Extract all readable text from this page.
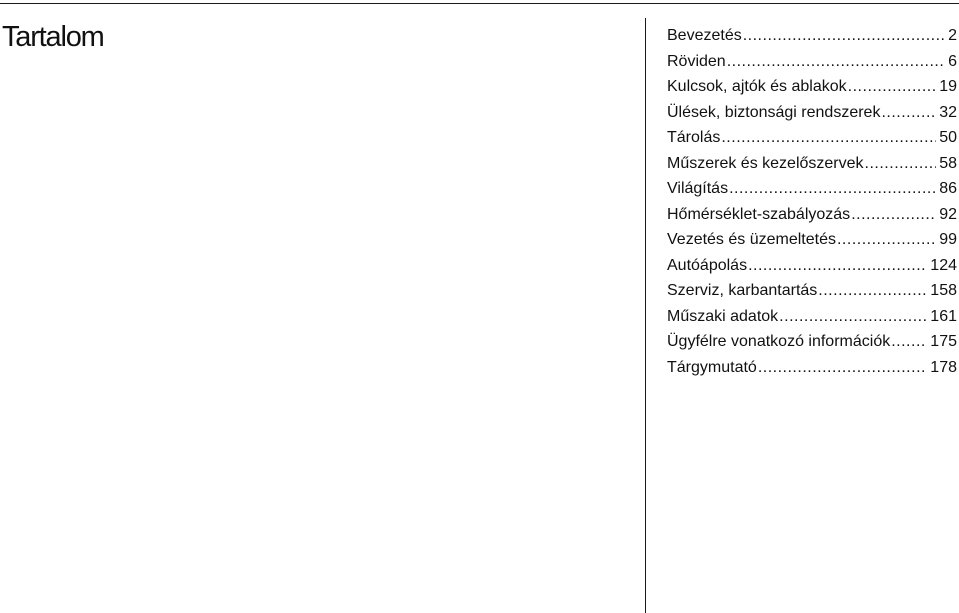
Tartalom	Bevezetés .....	2
Röviden .....	6
Kulcsok, ajtók és ablakok .....	19
Ülések, biztonsági rendszerek .....	32
Tárolás .....	50
Műszerek és kezelőszervek .....	58
Világítás .....	86
Hőmérséklet-szabályozás .....	92
Vezetés és üzemeltetés .....	99
Autóápolás .....	124
Szerviz, karbantartás .....	158
Műszaki adatok .....	161
Ügyfélre vonatkozó információk .....	175
Tárgymutató .....	178
